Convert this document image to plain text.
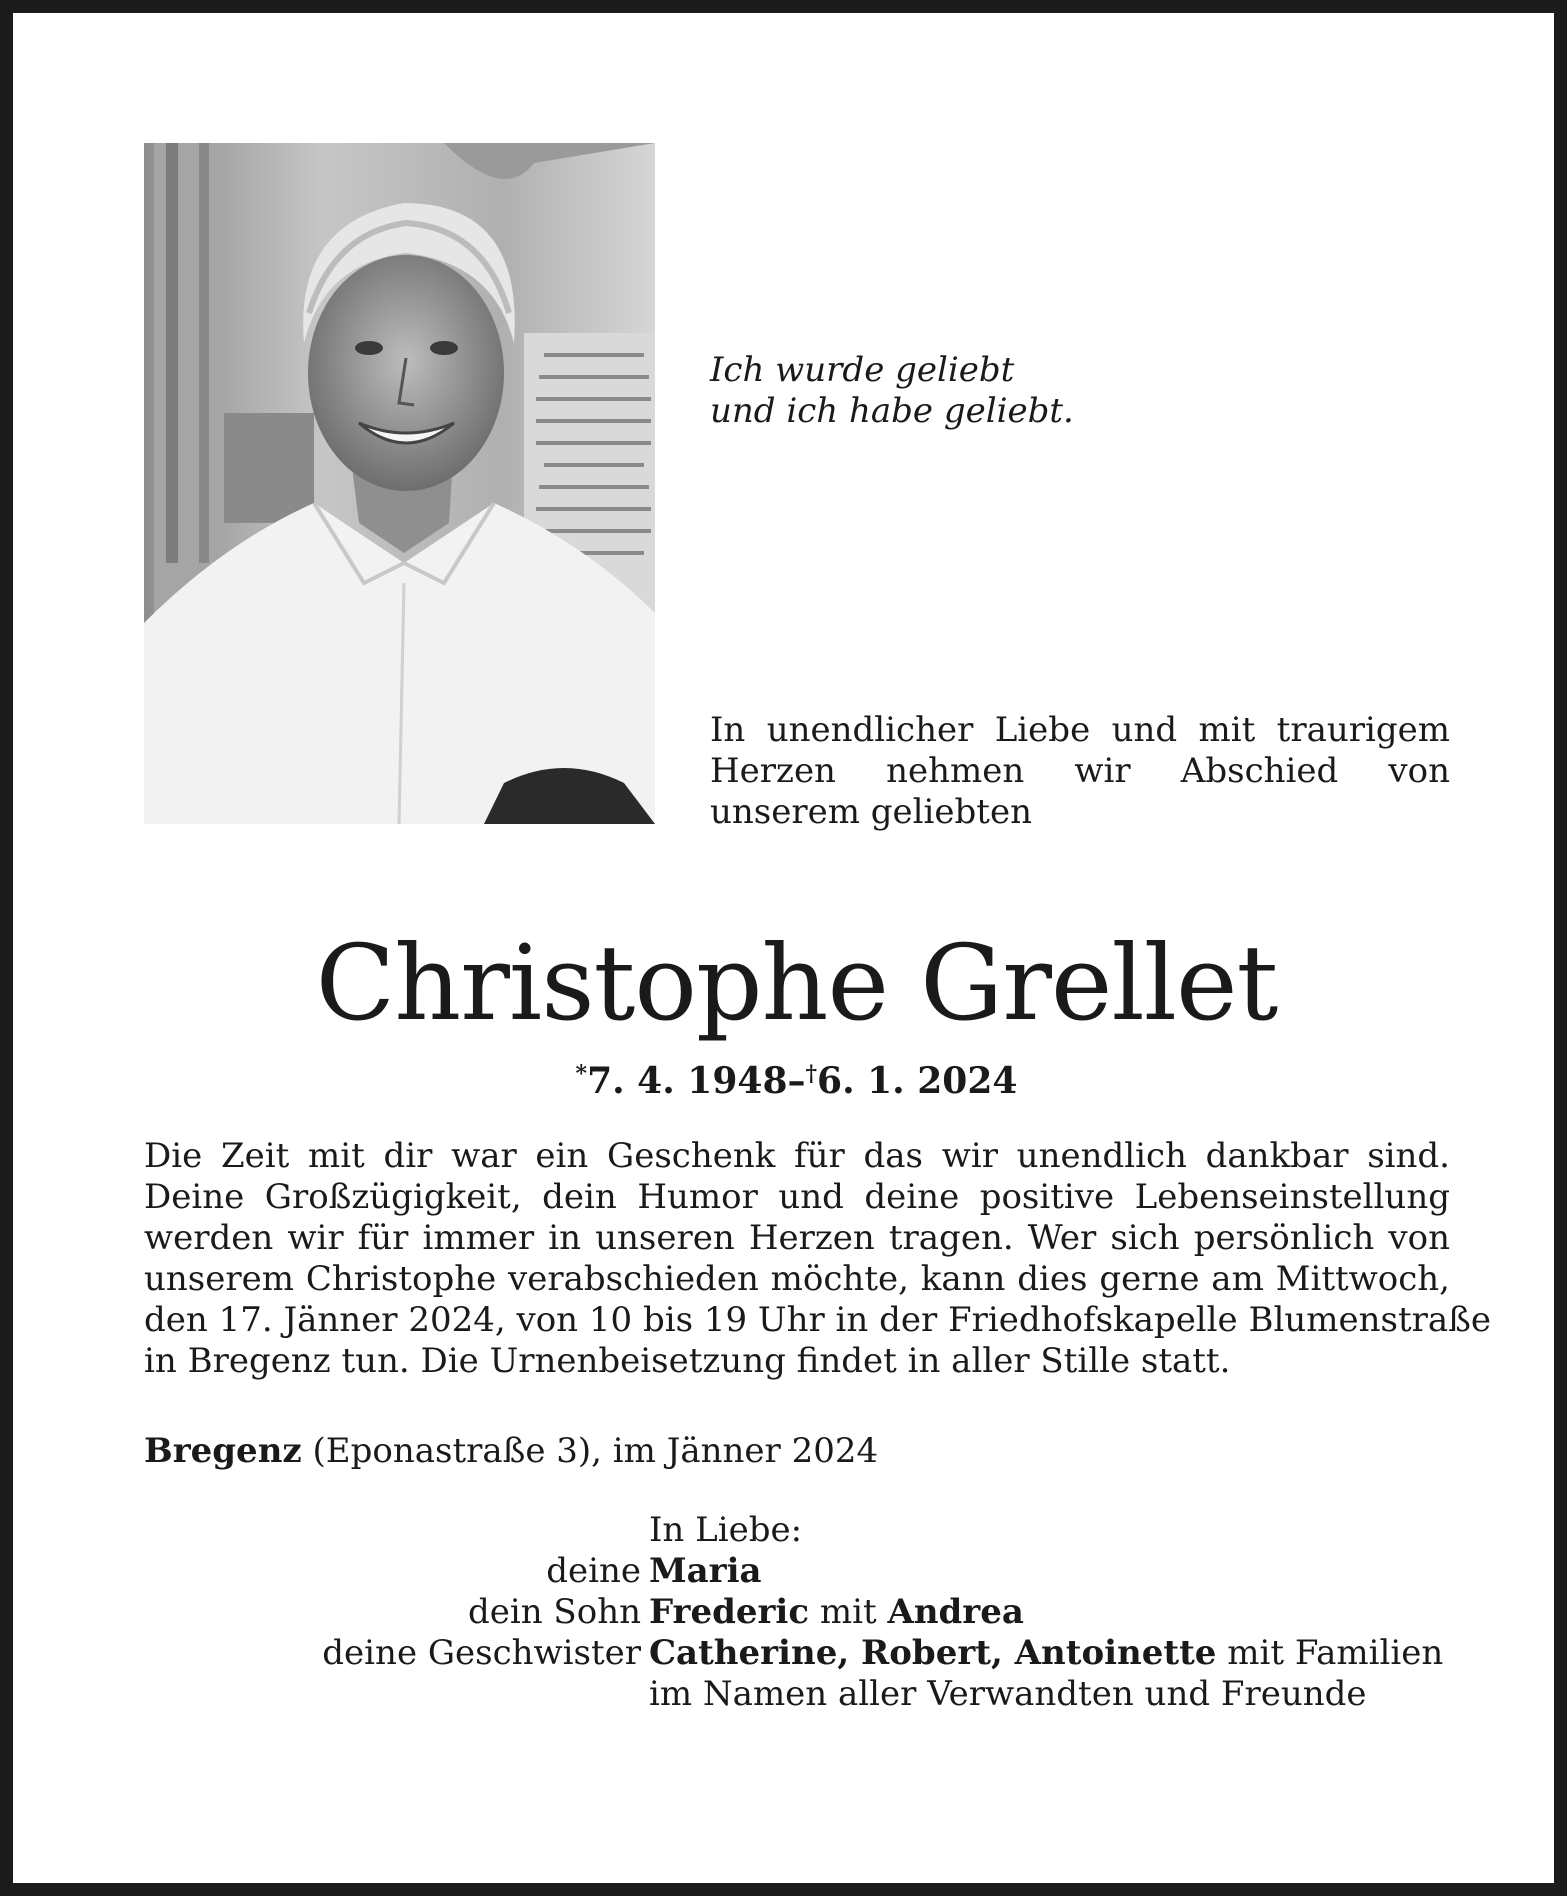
Ich wurde geliebt
und ich habe geliebt.
In unendlicher Liebe und mit traurigem Herzen nehmen wir Abschied von unserem geliebten
Christophe Grellet
*7. 4. 1948–†6. 1. 2024
Die Zeit mit dir war ein Geschenk für das wir unendlich dankbar sind.
Deine Großzügigkeit, dein Humor und deine positive Lebenseinstellung
werden wir für immer in unseren Herzen tragen. Wer sich persönlich von
unserem Christophe verabschieden möchte, kann dies gerne am Mittwoch,
den 17. Jänner 2024, von 10 bis 19 Uhr in der Friedhofskapelle Blumenstraße
in Bregenz tun. Die Urnenbeisetzung findet in aller Stille statt.
Bregenz (Eponastraße 3), im Jänner 2024
In Liebe:
deine Maria
dein Sohn Frederic mit Andrea
deine Geschwister Catherine, Robert, Antoinette mit Familien
im Namen aller Verwandten und Freunde
